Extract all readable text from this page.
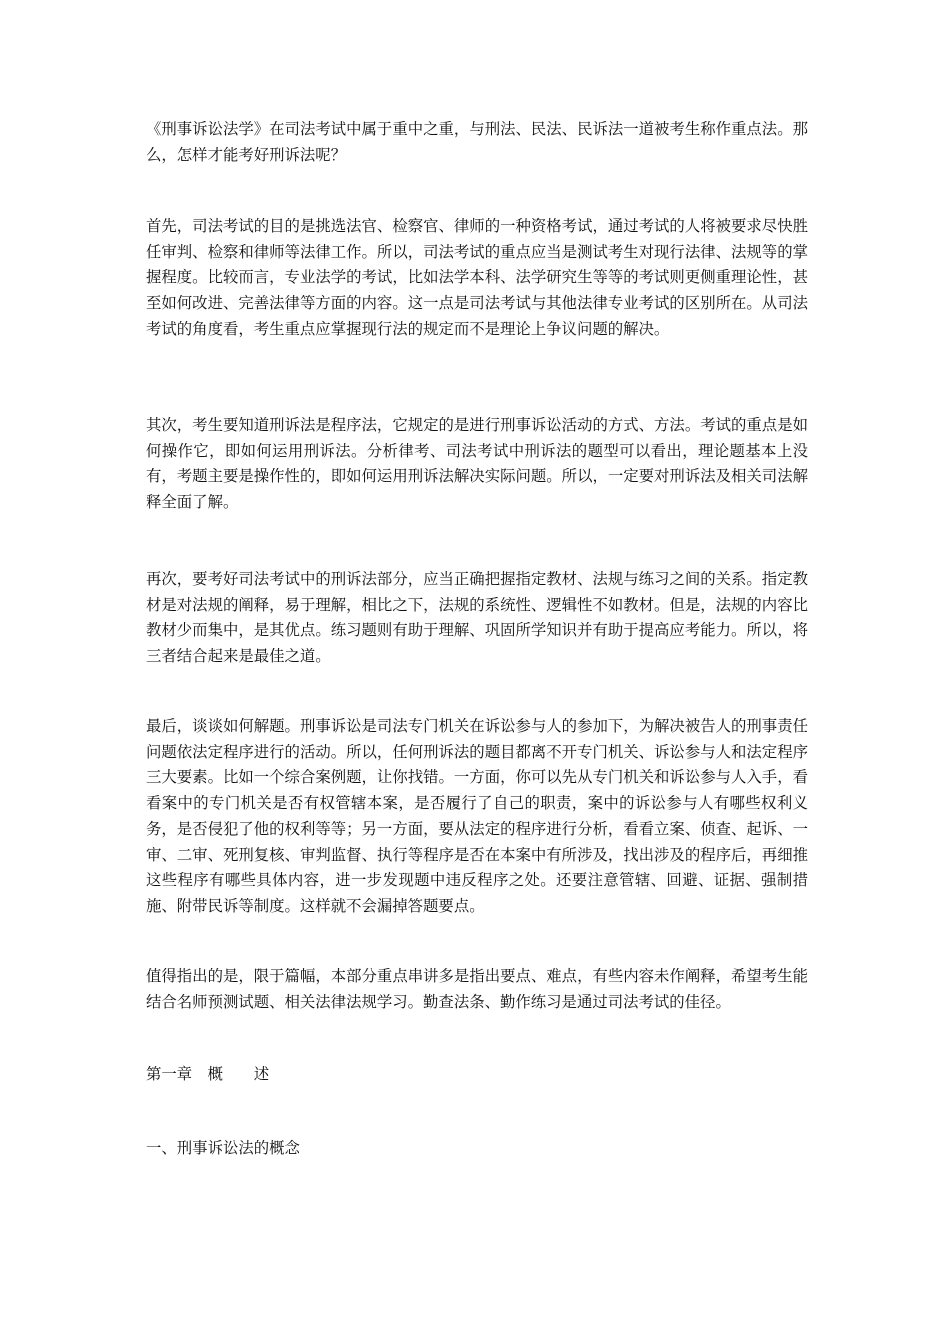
《刑事诉讼法学》在司法考试中属于重中之重，与刑法、民法、民诉法一道被考生称作重点法。那么，怎样才能考好刑诉法呢？

首先，司法考试的目的是挑选法官、检察官、律师的一种资格考试，通过考试的人将被要求尽快胜任审判、检察和律师等法律工作。所以，司法考试的重点应当是测试考生对现行法律、法规等的掌握程度。比较而言，专业法学的考试，比如法学本科、法学研究生等等的考试则更侧重理论性，甚至如何改进、完善法律等方面的内容。这一点是司法考试与其他法律专业考试的区别所在。从司法考试的角度看，考生重点应掌握现行法的规定而不是理论上争议问题的解决。

其次，考生要知道刑诉法是程序法，它规定的是进行刑事诉讼活动的方式、方法。考试的重点是如何操作它，即如何运用刑诉法。分析律考、司法考试中刑诉法的题型可以看出，理论题基本上没有，考题主要是操作性的，即如何运用刑诉法解决实际问题。所以，一定要对刑诉法及相关司法解释全面了解。

再次，要考好司法考试中的刑诉法部分，应当正确把握指定教材、法规与练习之间的关系。指定教材是对法规的阐释，易于理解，相比之下，法规的系统性、逻辑性不如教材。但是，法规的内容比教材少而集中，是其优点。练习题则有助于理解、巩固所学知识并有助于提高应考能力。所以，将三者结合起来是最佳之道。

最后，谈谈如何解题。刑事诉讼是司法专门机关在诉讼参与人的参加下，为解决被告人的刑事责任问题依法定程序进行的活动。所以，任何刑诉法的题目都离不开专门机关、诉讼参与人和法定程序三大要素。比如一个综合案例题，让你找错。一方面，你可以先从专门机关和诉讼参与人入手，看看案中的专门机关是否有权管辖本案，是否履行了自己的职责，案中的诉讼参与人有哪些权利义务，是否侵犯了他的权利等等；另一方面，要从法定的程序进行分析，看看立案、侦查、起诉、一审、二审、死刑复核、审判监督、执行等程序是否在本案中有所涉及，找出涉及的程序后，再细推这些程序有哪些具体内容，进一步发现题中违反程序之处。还要注意管辖、回避、证据、强制措施、附带民诉等制度。这样就不会漏掉答题要点。

值得指出的是，限于篇幅，本部分重点串讲多是指出要点、难点，有些内容未作阐释，希望考生能结合名师预测试题、相关法律法规学习。勤查法条、勤作练习是通过司法考试的佳径。

第一章　概　　述

一、刑事诉讼法的概念
